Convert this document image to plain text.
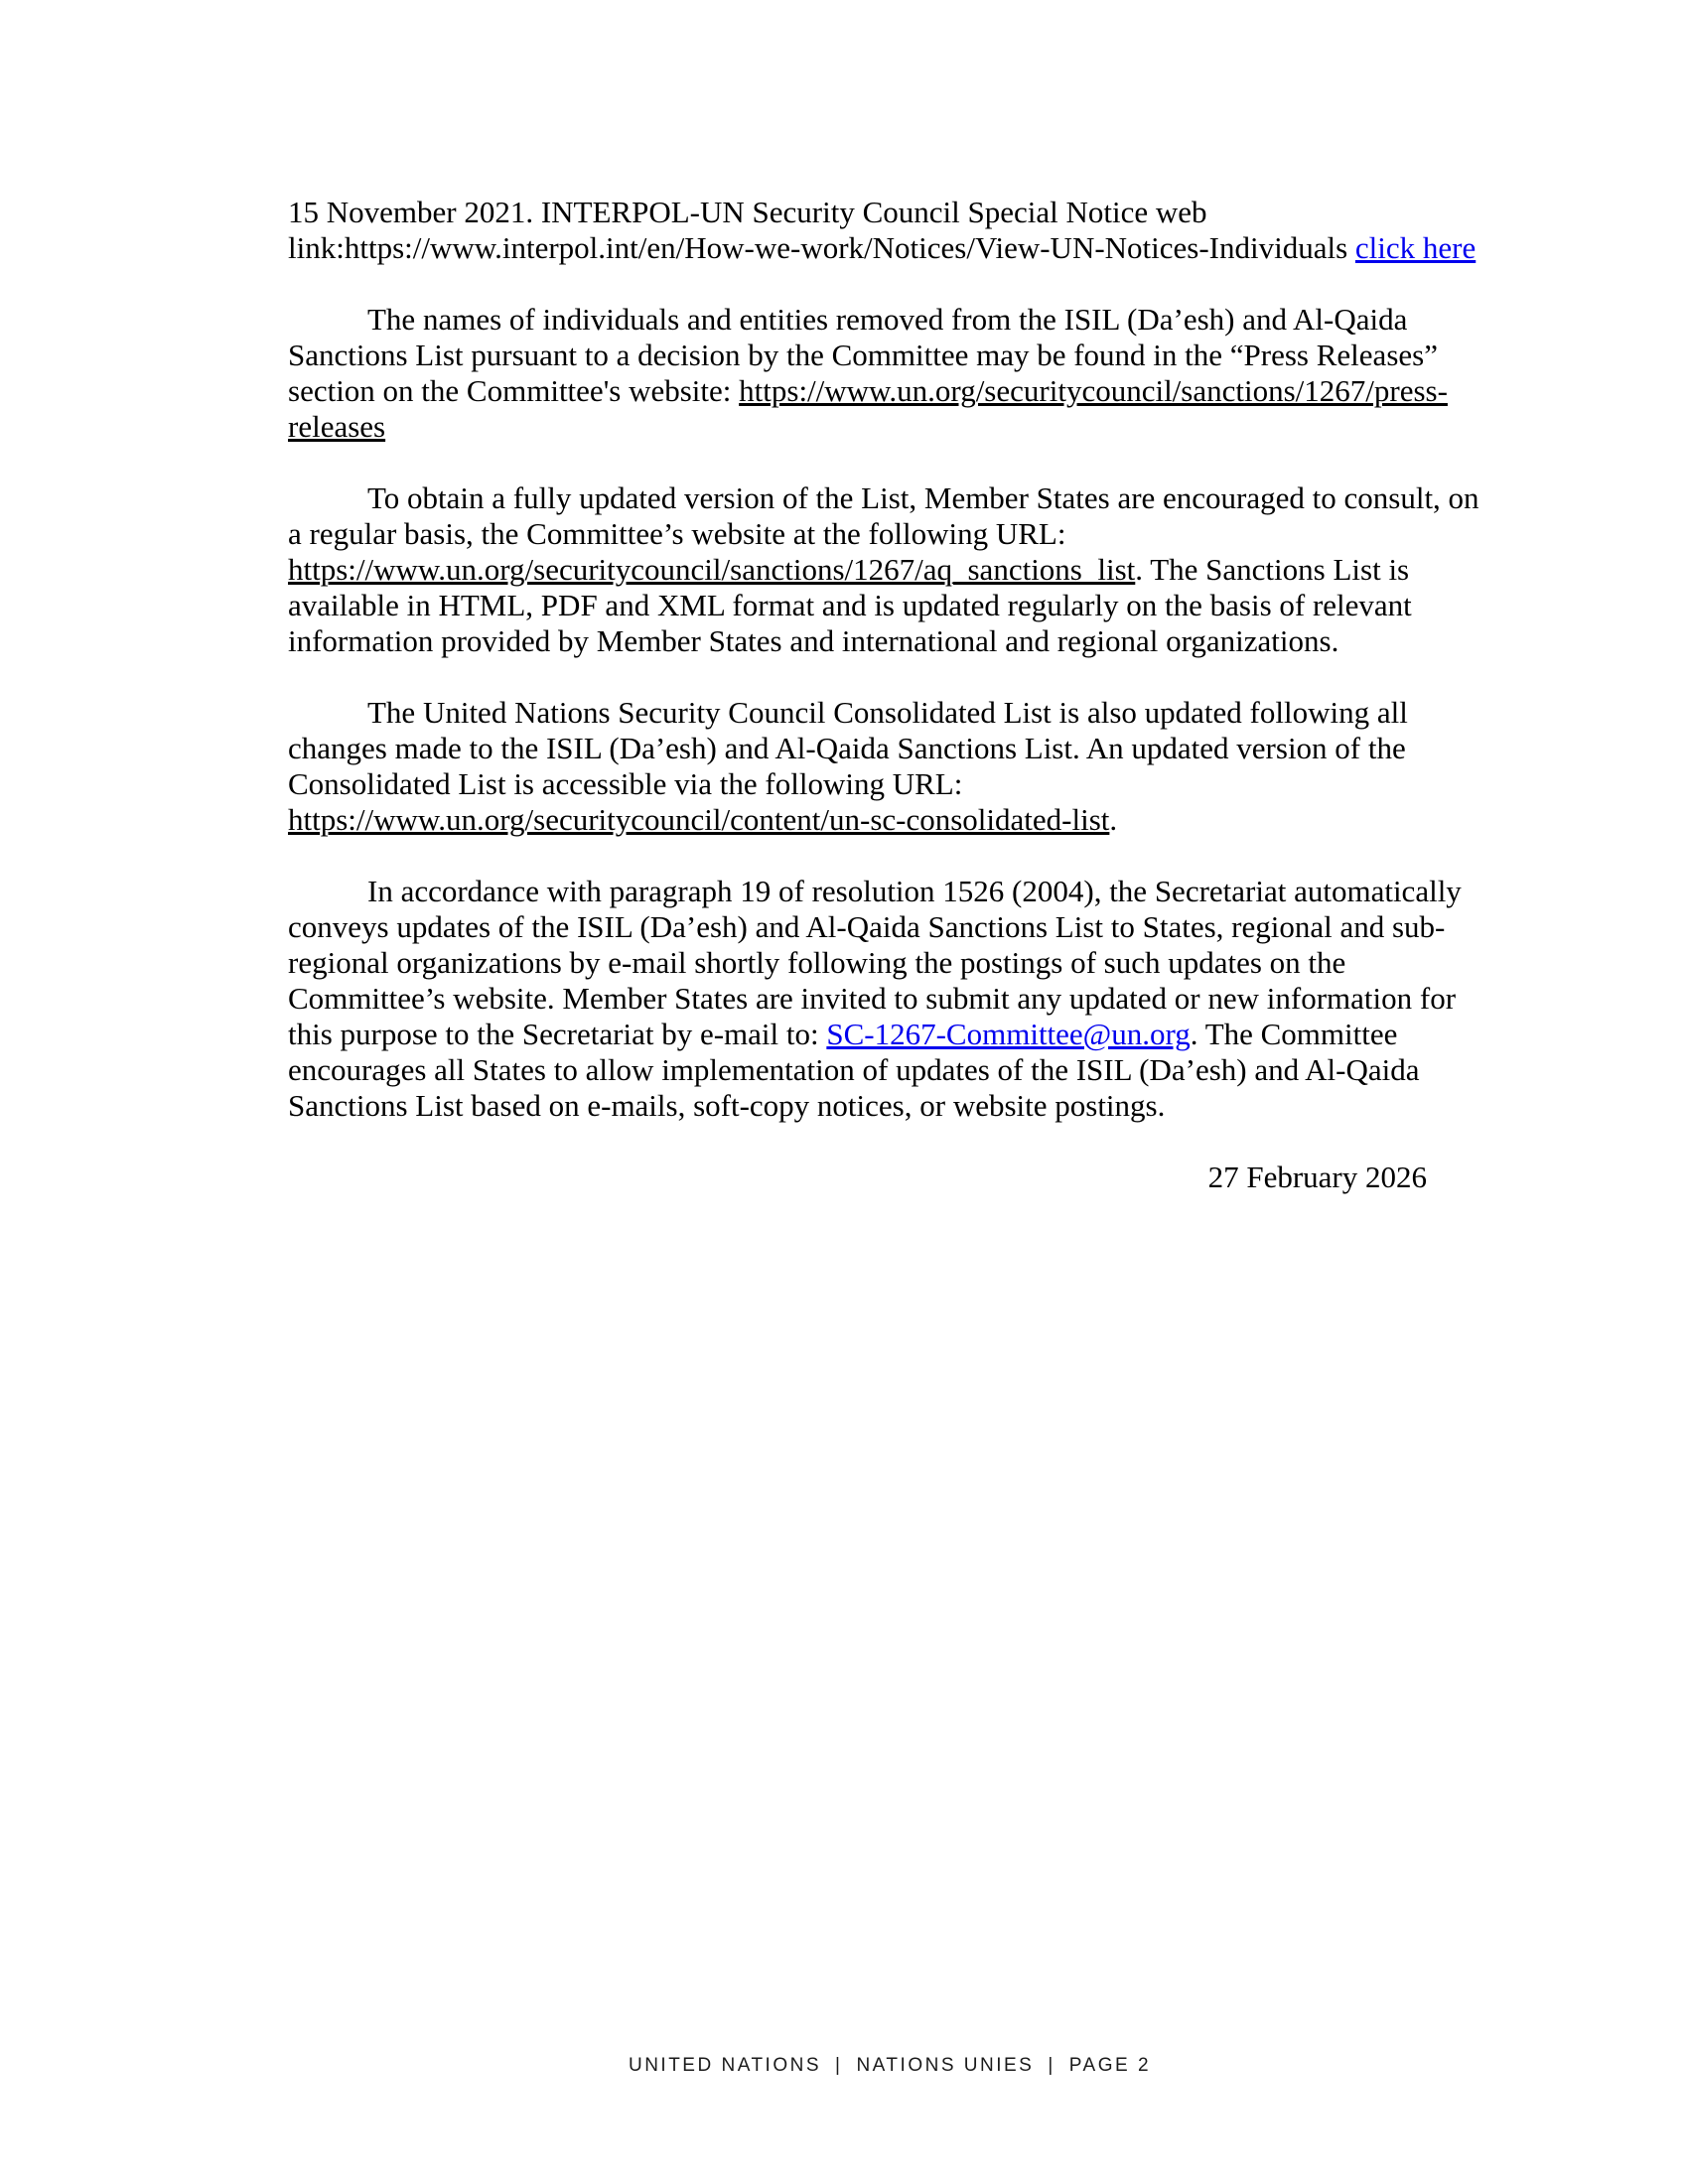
15 November 2021. INTERPOL-UN Security Council Special Notice web
link:https://www.interpol.int/en/How-we-work/Notices/View-UN-Notices-Individuals click here

The names of individuals and entities removed from the ISIL (Da’esh) and Al-Qaida
Sanctions List pursuant to a decision by the Committee may be found in the “Press Releases”
section on the Committee's website: https://www.un.org/securitycouncil/sanctions/1267/press-
releases

To obtain a fully updated version of the List, Member States are encouraged to consult, on
a regular basis, the Committee’s website at the following URL:
https://www.un.org/securitycouncil/sanctions/1267/aq_sanctions_list. The Sanctions List is
available in HTML, PDF and XML format and is updated regularly on the basis of relevant
information provided by Member States and international and regional organizations.

The United Nations Security Council Consolidated List is also updated following all
changes made to the ISIL (Da’esh) and Al-Qaida Sanctions List. An updated version of the
Consolidated List is accessible via the following URL:
https://www.un.org/securitycouncil/content/un-sc-consolidated-list.

In accordance with paragraph 19 of resolution 1526 (2004), the Secretariat automatically
conveys updates of the ISIL (Da’esh) and Al-Qaida Sanctions List to States, regional and sub-
regional organizations by e-mail shortly following the postings of such updates on the
Committee’s website. Member States are invited to submit any updated or new information for
this purpose to the Secretariat by e-mail to: SC-1267-Committee@un.org. The Committee
encourages all States to allow implementation of updates of the ISIL (Da’esh) and Al-Qaida
Sanctions List based on e-mails, soft-copy notices, or website postings.

27 February 2026

UNITED NATIONS | NATIONS UNIES | PAGE 2
